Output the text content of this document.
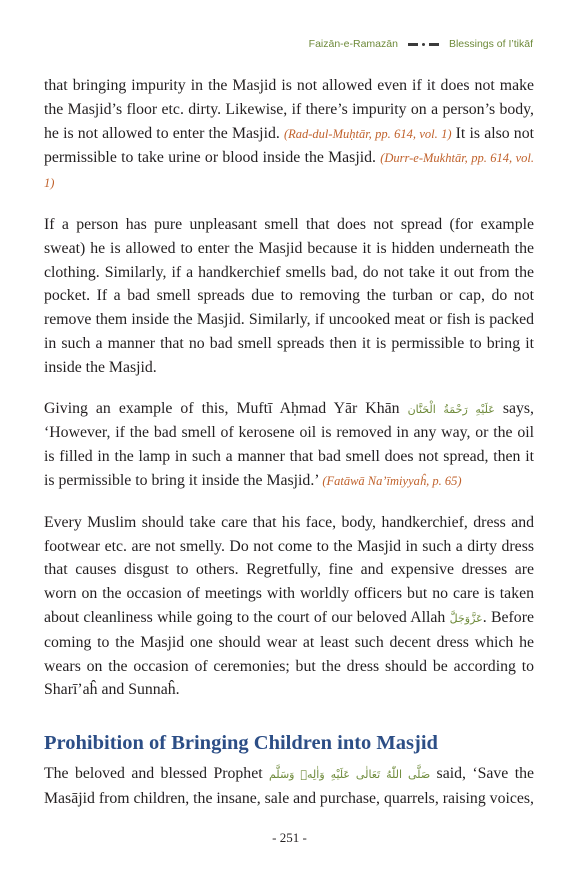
Faizān-e-Ramazān	Blessings of I’tikāf

that bringing impurity in the Masjid is not allowed even if it does not make the Masjid’s floor etc. dirty. Likewise, if there’s impurity on a person’s body, he is not allowed to enter the Masjid. (Rad-dul-Muḥtār, pp. 614, vol. 1) It is also not permissible to take urine or blood inside the Masjid. (Durr-e-Mukhtār, pp. 614, vol. 1)

If a person has pure unpleasant smell that does not spread (for example sweat) he is allowed to enter the Masjid because it is hidden underneath the clothing. Similarly, if a handkerchief smells bad, do not take it out from the pocket. If a bad smell spreads due to removing the turban or cap, do not remove them inside the Masjid. Similarly, if uncooked meat or fish is packed in such a manner that no bad smell spreads then it is permissible to bring it inside the Masjid.

Giving an example of this, Muftī Aḥmad Yār Khān عَلَيْهِ رَحْمَةُ الْحَنَّان says, ‘However, if the bad smell of kerosene oil is removed in any way, or the oil is filled in the lamp in such a manner that bad smell does not spread, then it is permissible to bring it inside the Masjid.’ (Fatāwā Na’īmiyyaĥ, p. 65)

Every Muslim should take care that his face, body, handkerchief, dress and footwear etc. are not smelly. Do not come to the Masjid in such a dirty dress that causes disgust to others. Regretfully, fine and expensive dresses are worn on the occasion of meetings with worldly officers but no care is taken about cleanliness while going to the court of our beloved Allah عَزَّوَجَلَّ. Before coming to the Masjid one should wear at least such decent dress which he wears on the occasion of ceremonies; but the dress should be according to Sharī’aĥ and Sunnaĥ.

Prohibition of Bringing Children into Masjid

The beloved and blessed Prophet صَلَّى اللّٰهُ تَعَالٰى عَلَيْهِ وَاٰلِهٖ وَسَلَّم said, ‘Save the Masājid from children, the insane, sale and purchase, quarrels, raising voices,

- 251 -
